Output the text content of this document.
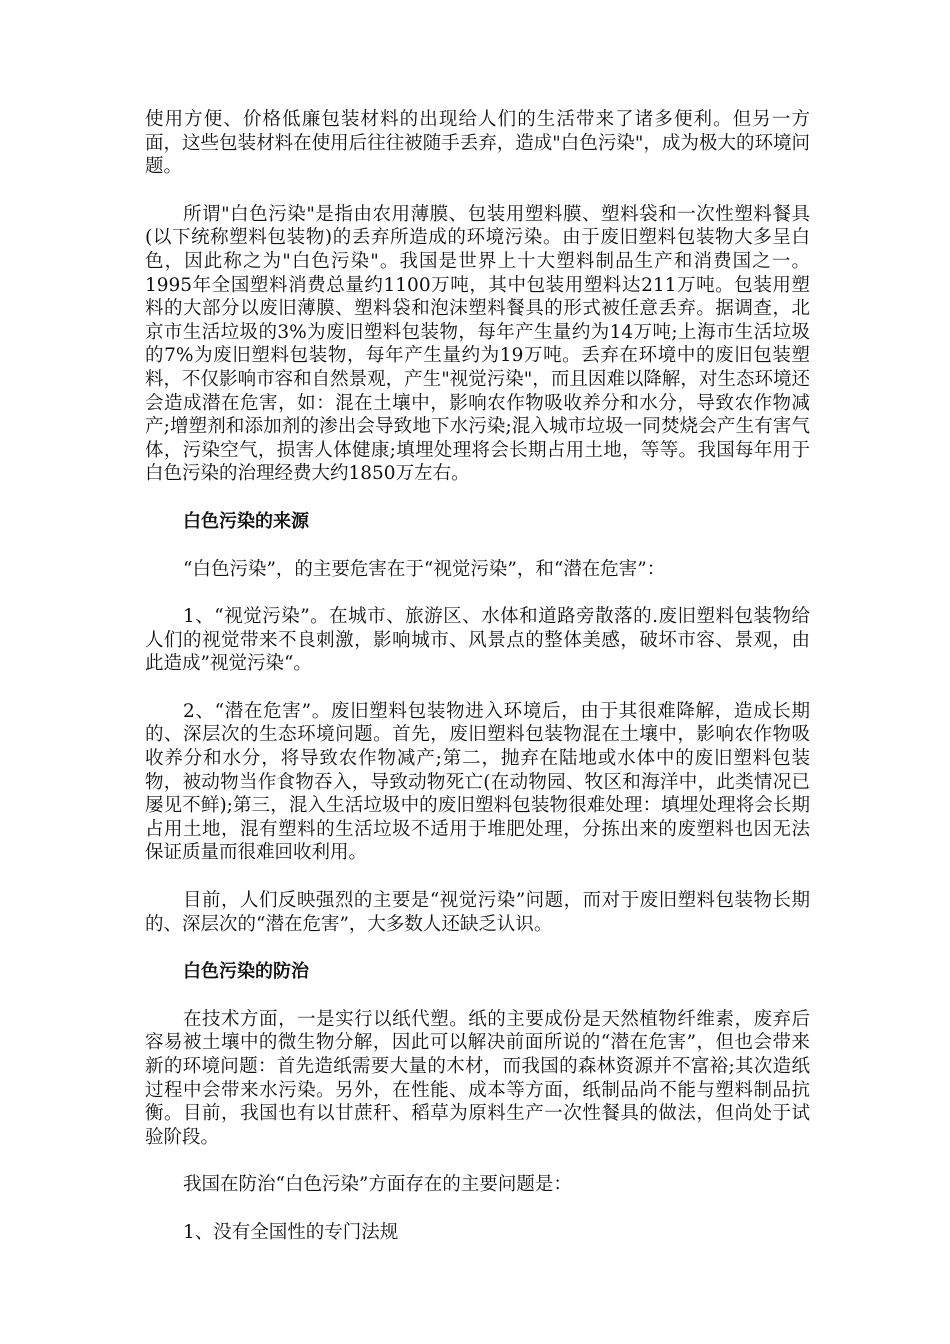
使用方便、价格低廉包装材料的出现给人们的生活带来了诸多便利。但另一方面，这些包装材料在使用后往往被随手丢弃，造成"白色污染"，成为极大的环境问题。

所谓"白色污染"是指由农用薄膜、包装用塑料膜、塑料袋和一次性塑料餐具(以下统称塑料包装物)的丢弃所造成的环境污染。由于废旧塑料包装物大多呈白色，因此称之为"白色污染"。我国是世界上十大塑料制品生产和消费国之一。 1995年全国塑料消费总量约1100万吨，其中包装用塑料达211万吨。包装用塑料的大部分以废旧薄膜、塑料袋和泡沫塑料餐具的形式被任意丢弃。据调查，北京市生活垃圾的3%为废旧塑料包装物，每年产生量约为14万吨;上海市生活垃圾的7%为废旧塑料包装物，每年产生量约为19万吨。丢弃在环境中的废旧包装塑料，不仅影响市容和自然景观，产生"视觉污染"，而且因难以降解，对生态环境还会造成潜在危害，如：混在土壤中，影响农作物吸收养分和水分，导致农作物减产;增塑剂和添加剂的渗出会导致地下水污染;混入城市垃圾一同焚烧会产生有害气体，污染空气，损害人体健康;填埋处理将会长期占用土地，等等。我国每年用于白色污染的治理经费大约1850万左右。

白色污染的来源

“白色污染”，的主要危害在于“视觉污染”，和“潜在危害”：

1、“视觉污染”。在城市、旅游区、水体和道路旁散落的.废旧塑料包装物给人们的视觉带来不良刺激，影响城市、风景点的整体美感，破坏市容、景观，由此造成”视觉污染“。

2、“潜在危害”。废旧塑料包装物进入环境后，由于其很难降解，造成长期的、深层次的生态环境问题。首先，废旧塑料包装物混在土壤中，影响农作物吸收养分和水分，将导致农作物减产;第二，抛弃在陆地或水体中的废旧塑料包装物，被动物当作食物吞入，导致动物死亡(在动物园、牧区和海洋中，此类情况已屡见不鲜);第三，混入生活垃圾中的废旧塑料包装物很难处理：填埋处理将会长期占用土地，混有塑料的生活垃圾不适用于堆肥处理，分拣出来的废塑料也因无法保证质量而很难回收利用。

目前，人们反映强烈的主要是“视觉污染”问题，而对于废旧塑料包装物长期的、深层次的“潜在危害”，大多数人还缺乏认识。

白色污染的防治

在技术方面，一是实行以纸代塑。纸的主要成份是天然植物纤维素，废弃后容易被土壤中的微生物分解，因此可以解决前面所说的“潜在危害”，但也会带来新的环境问题：首先造纸需要大量的木材，而我国的森林资源并不富裕;其次造纸过程中会带来水污染。另外，在性能、成本等方面，纸制品尚不能与塑料制品抗衡。目前，我国也有以甘蔗秆、稻草为原料生产一次性餐具的做法，但尚处于试验阶段。

我国在防治“白色污染”方面存在的主要问题是：

1、没有全国性的专门法规
